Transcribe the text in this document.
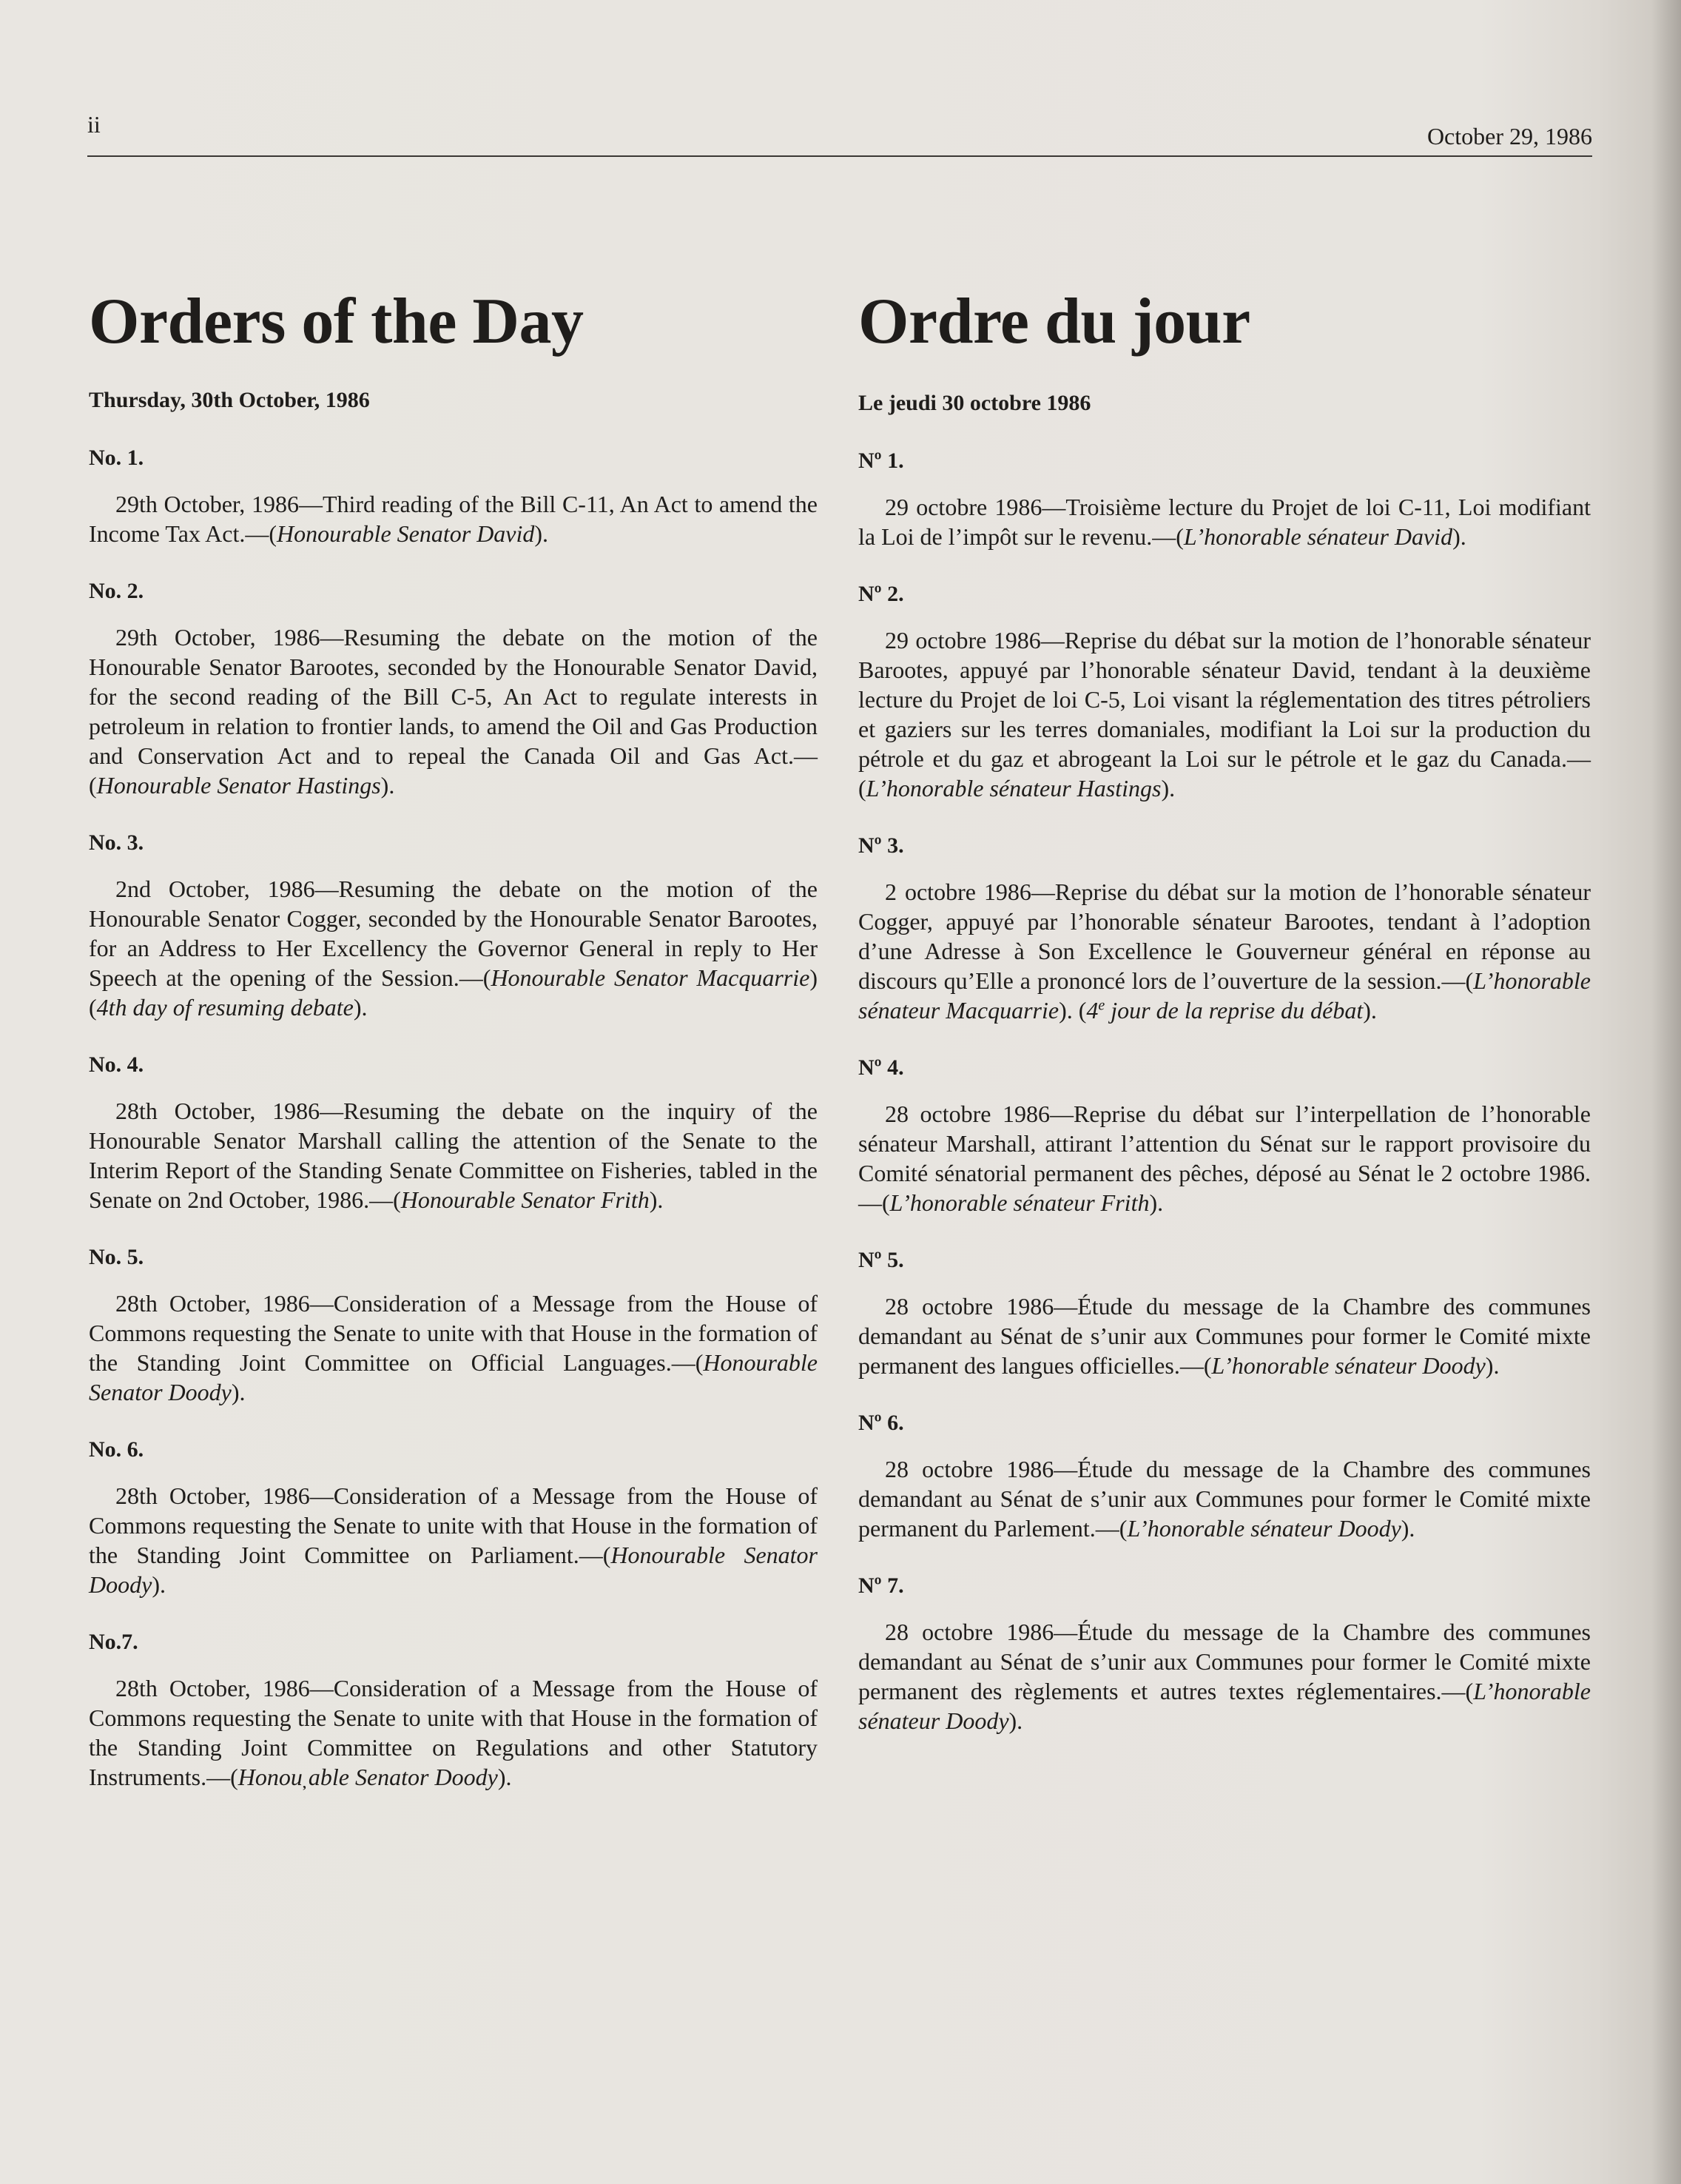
ii	October 29, 1986
Orders of the Day

Thursday, 30th October, 1986

No. 1.

29th October, 1986—Third reading of the Bill C-11, An Act to amend the Income Tax Act.—(Honourable Senator David).

No. 2.

29th October, 1986—Resuming the debate on the motion of the Honourable Senator Barootes, seconded by the Honourable Senator David, for the second reading of the Bill C-5, An Act to regulate interests in petroleum in relation to frontier lands, to amend the Oil and Gas Production and Conservation Act and to repeal the Canada Oil and Gas Act.—(Honourable Senator Hastings).

No. 3.

2nd October, 1986—Resuming the debate on the motion of the Honourable Senator Cogger, seconded by the Honourable Senator Barootes, for an Address to Her Excellency the Governor General in reply to Her Speech at the opening of the Session.—(Honourable Senator Macquarrie) (4th day of resuming debate).

No. 4.

28th October, 1986—Resuming the debate on the inquiry of the Honourable Senator Marshall calling the attention of the Senate to the Interim Report of the Standing Senate Committee on Fisheries, tabled in the Senate on 2nd October, 1986.—(Honourable Senator Frith).

No. 5.

28th October, 1986—Consideration of a Message from the House of Commons requesting the Senate to unite with that House in the formation of the Standing Joint Committee on Official Languages.—(Honourable Senator Doody).

No. 6.

28th October, 1986—Consideration of a Message from the House of Commons requesting the Senate to unite with that House in the formation of the Standing Joint Committee on Parliament.—(Honourable Senator Doody).

No.7.

28th October, 1986—Consideration of a Message from the House of Commons requesting the Senate to unite with that House in the formation of the Standing Joint Committee on Regulations and other Statutory Instruments.—(Honou̦ able Senator Doody).

Ordre du jour

Le jeudi 30 octobre 1986

Nº 1.

29 octobre 1986—Troisième lecture du Projet de loi C-11, Loi modifiant la Loi de l’impôt sur le revenu.—(L’honorable sénateur David).

Nº 2.

29 octobre 1986—Reprise du débat sur la motion de l’honorable sénateur Barootes, appuyé par l’honorable sénateur David, tendant à la deuxième lecture du Projet de loi C-5, Loi visant la réglementation des titres pétroliers et gaziers sur les terres domaniales, modifiant la Loi sur la production du pétrole et du gaz et abrogeant la Loi sur le pétrole et le gaz du Canada.—(L’honorable sénateur Hastings).

Nº 3.

2 octobre 1986—Reprise du débat sur la motion de l’honorable sénateur Cogger, appuyé par l’honorable sénateur Barootes, tendant à l’adoption d’une Adresse à Son Excellence le Gouverneur général en réponse au discours qu’Elle a prononcé lors de l’ouverture de la session.—(L’honorable sénateur Macquarrie). (4e jour de la reprise du débat).

Nº 4.

28 octobre 1986—Reprise du débat sur l’interpellation de l’honorable sénateur Marshall, attirant l’attention du Sénat sur le rapport provisoire du Comité sénatorial permanent des pêches, déposé au Sénat le 2 octobre 1986.—(L’honorable sénateur Frith).

Nº 5.

28 octobre 1986—Étude du message de la Chambre des communes demandant au Sénat de s’unir aux Communes pour former le Comité mixte permanent des langues officielles.—(L’honorable sénateur Doody).

Nº 6.

28 octobre 1986—Étude du message de la Chambre des communes demandant au Sénat de s’unir aux Communes pour former le Comité mixte permanent du Parlement.—(L’honorable sénateur Doody).

Nº 7.

28 octobre 1986—Étude du message de la Chambre des communes demandant au Sénat de s’unir aux Communes pour former le Comité mixte permanent des règlements et autres textes réglementaires.—(L’honorable sénateur Doody).
